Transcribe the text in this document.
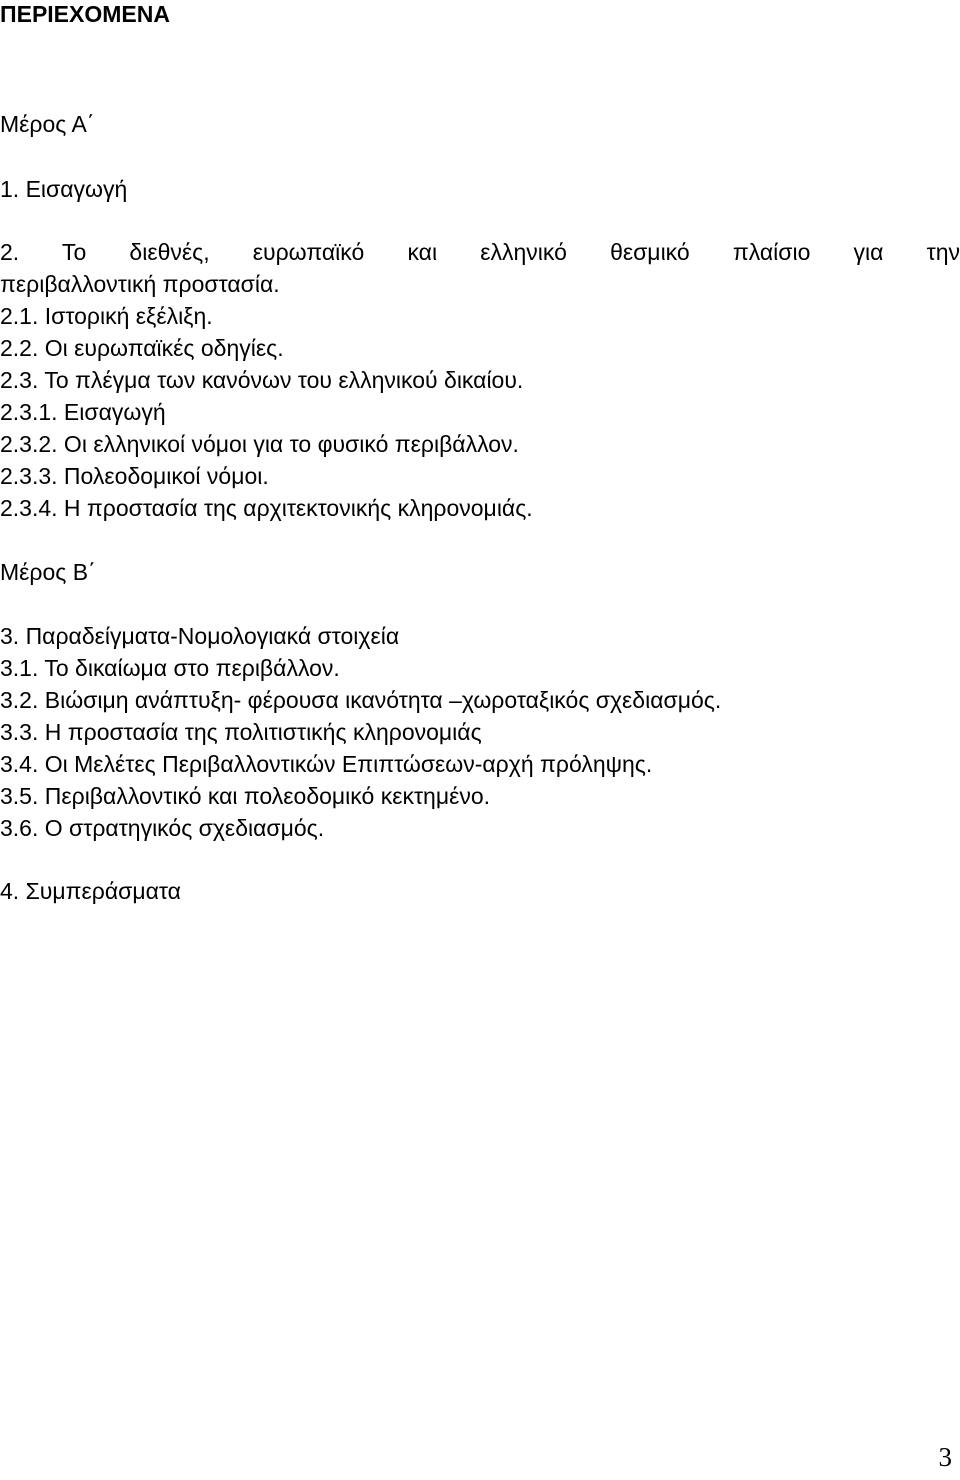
ΠΕΡΙΕΧΟΜΕΝΑ

Μέρος Α΄

1. Εισαγωγή

2. Το διεθνές, ευρωπαϊκό και ελληνικό θεσμικό πλαίσιο για την

περιβαλλοντική προστασία.

2.1. Ιστορική εξέλιξη.

2.2. Οι ευρωπαϊκές οδηγίες.

2.3. Το πλέγμα των κανόνων του ελληνικού δικαίου.

2.3.1. Εισαγωγή

2.3.2. Οι ελληνικοί νόμοι για το φυσικό περιβάλλον.

2.3.3. Πολεοδομικοί νόμοι.

2.3.4. Η προστασία της αρχιτεκτονικής κληρονομιάς.

Μέρος Β΄

3. Παραδείγματα-Νομολογιακά στοιχεία

3.1. Το δικαίωμα στο περιβάλλον.

3.2. Βιώσιμη ανάπτυξη- φέρουσα ικανότητα –χωροταξικός σχεδιασμός.

3.3. Η προστασία της πολιτιστικής κληρονομιάς

3.4. Οι Μελέτες Περιβαλλοντικών Επιπτώσεων-αρχή πρόληψης.

3.5. Περιβαλλοντικό και πολεοδομικό κεκτημένο.

3.6. Ο στρατηγικός σχεδιασμός.

4. Συμπεράσματα

3
